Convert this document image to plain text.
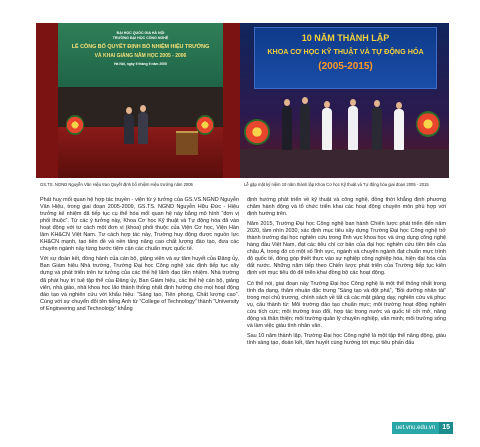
ĐẠI HỌC QUỐC GIA HÀ NỘI
TRƯỜNG ĐẠI HỌC CÔNG NGHỆ
LỄ CÔNG BỐ QUYẾT ĐỊNH BỔ NHIỆM HIỆU TRƯỞNG
VÀ KHAI GIẢNG NĂM HỌC 2005 - 2006
Hà Nội, ngày 9 tháng 9 năm 2005
GS.TS. NGND Nguyễn Văn Hiệu trao Quyết định bổ nhiệm Hiệu trưởng năm 2005
10 NĂM THÀNH LẬP
KHOA CƠ HỌC KỸ THUẬT VÀ TỰ ĐỘNG HÓA
(2005-2015)
Lễ gặp mặt kỷ niệm 10 năm thành lập Khoa Cơ học Kỹ thuật và Tự động hóa giai đoạn 2005 - 2015

Phát huy mối quan hệ hợp tác truyền - viện từ ý tưởng của GS.VS.NGND Nguyễn Văn Hiệu, trong giai đoạn 2005-2009, GS.TS. NGND Nguyễn Hữu Đức - Hiệu trưởng kế nhiệm đã tiếp tục cụ thể hóa mối quan hệ này bằng mô hình “đơn vị phối thuộc”. Từ các ý tưởng này, Khoa Cơ học Kỹ thuật và Tự động hóa đã vào hoạt động với tư cách một đơn vị (khoa) phối thuộc của Viện Cơ học, Viện Hàn lâm KH&CN Việt Nam. Tư cách hợp tác này, Trường huy động được nguồn lực KH&CN mạnh, tạo tiền đề và nền tảng nâng cao chất lượng đào tạo, đưa các chuyên ngành này từng bước tiệm cận các chuẩn mực quốc tế.

Với sự đoàn kết, đồng hành của cán bộ, giảng viên và sự tâm huyết của Đảng ủy, Ban Giám hiệu Nhà trường, Trường Đại học Công nghệ xác định tiếp tục xây dựng và phát triển trên tư tưởng của các thế hệ lãnh đạo tiền nhiệm. Nhà trường đã phát huy trí tuệ tập thể của Đảng ủy, Ban Giám hiệu, các thế hệ cán bộ, giảng viên, nhà giáo, nhà khoa học lão thành thống nhất định hướng cho mọi hoạt động đào tạo và nghiên cứu với khẩu hiệu: “Sáng tạo, Tiên phong, Chất lượng cao”. Cùng với sự chuyển đổi tên tiếng Anh từ “College of Technology” thành “University of Engineering and Technology” khẳng

định hướng phát triển về kỹ thuật và công nghệ, đồng thời khẳng định phương châm hành động và tổ chức triển khai các hoạt động chuyên môn phù hợp với định hướng trên.

Năm 2015, Trường Đại học Công nghệ ban hành Chiến lược phát triển đến năm 2020, tầm nhìn 2030, xác định mục tiêu xây dựng Trường Đại học Công nghệ trở thành trường đại học nghiên cứu trong lĩnh vực khoa học và ứng dụng công nghệ hàng đầu Việt Nam, đạt các tiêu chí cơ bản của đại học nghiên cứu tiên tiến của châu Á, trong đó có một số lĩnh vực, ngành và chuyên ngành đạt chuẩn mực trình độ quốc tế, đóng góp thiết thực vào sự nghiệp công nghiệp hóa, hiện đại hóa của đất nước. Những năm tiếp theo Chiến lược phát triển của Trường tiếp tục kiên định với mục tiêu đó để triển khai đồng bộ các hoạt động.

Có thể nói, giai đoạn này Trường Đại học Công nghệ là một thể thống nhất trong tính đa dạng, thâm nhuần đặc trưng “Sáng tạo và đột phá”, “Bồi dưỡng nhân tài” trong mọi chủ trương, chính sách về tất cả các mặt giảng dạy, nghiên cứu và phục vụ, cấu thành từ: Môi trường đào tạo chuẩn mực; môi trường hoạt động nghiên cứu tích cực; môi trường trao đổi, hợp tác trong nước và quốc tế cởi mở, năng động và thân thiện; môi trường quản lý chuyên nghiệp, văn minh; môi trường sống và làm việc giàu tính nhân văn.

Sau 10 năm thành lập, Trường Đại học Công nghệ là một tập thể năng động, giàu tính sáng tạo, đoàn kết, tâm huyết cùng hướng tới mục tiêu phấn đấu

uet.vnu.edu.vn	15
